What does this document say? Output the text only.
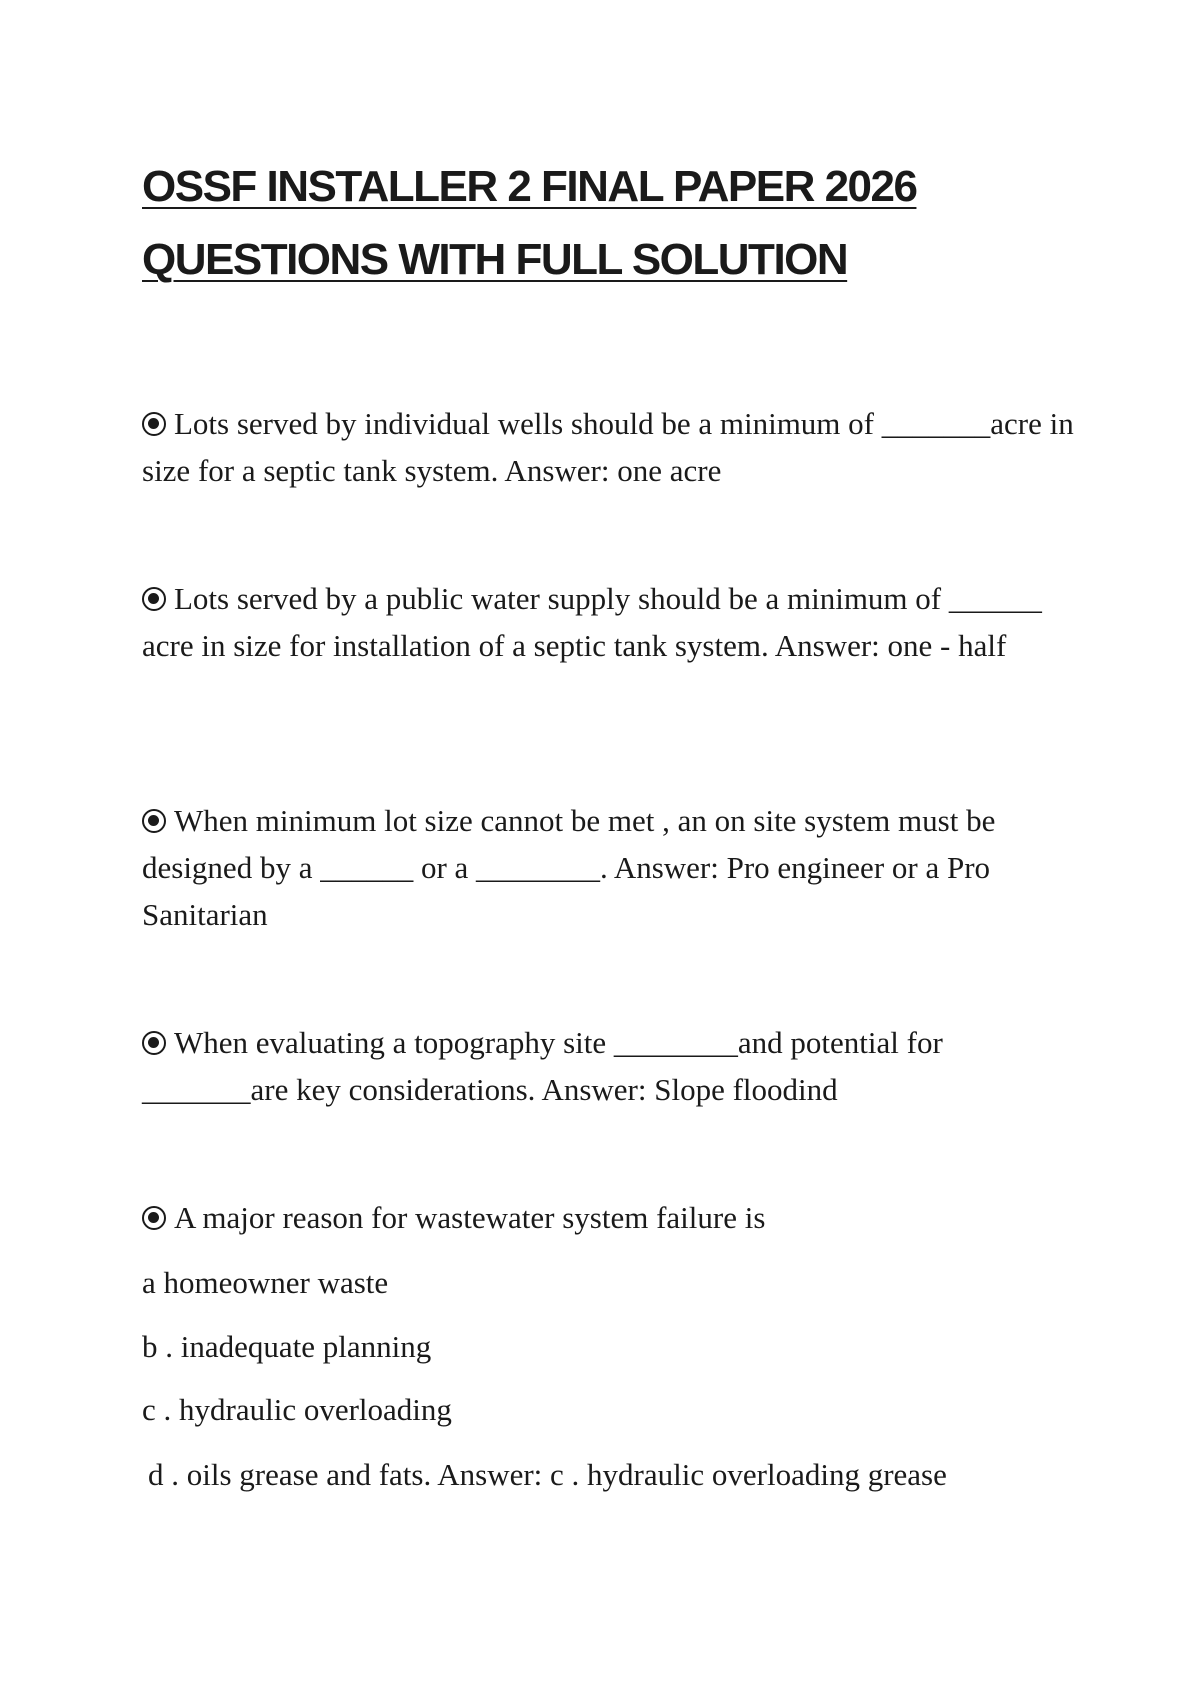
OSSF INSTALLER 2 FINAL PAPER 2026
QUESTIONS WITH FULL SOLUTION

Lots served by individual wells should be a minimum of _______acre in size for a septic tank system. Answer: one acre

Lots served by a public water supply should be a minimum of ______ acre in size for installation of a septic tank system. Answer: one - half

When minimum lot size cannot be met , an on site system must be designed by a ______ or a ________. Answer: Pro engineer or a Pro Sanitarian

When evaluating a topography site ________and potential for _______are key considerations. Answer: Slope floodind

A major reason for wastewater system failure is

a homeowner waste

b . inadequate planning

c . hydraulic overloading

d . oils grease and fats. Answer: c . hydraulic overloading grease
